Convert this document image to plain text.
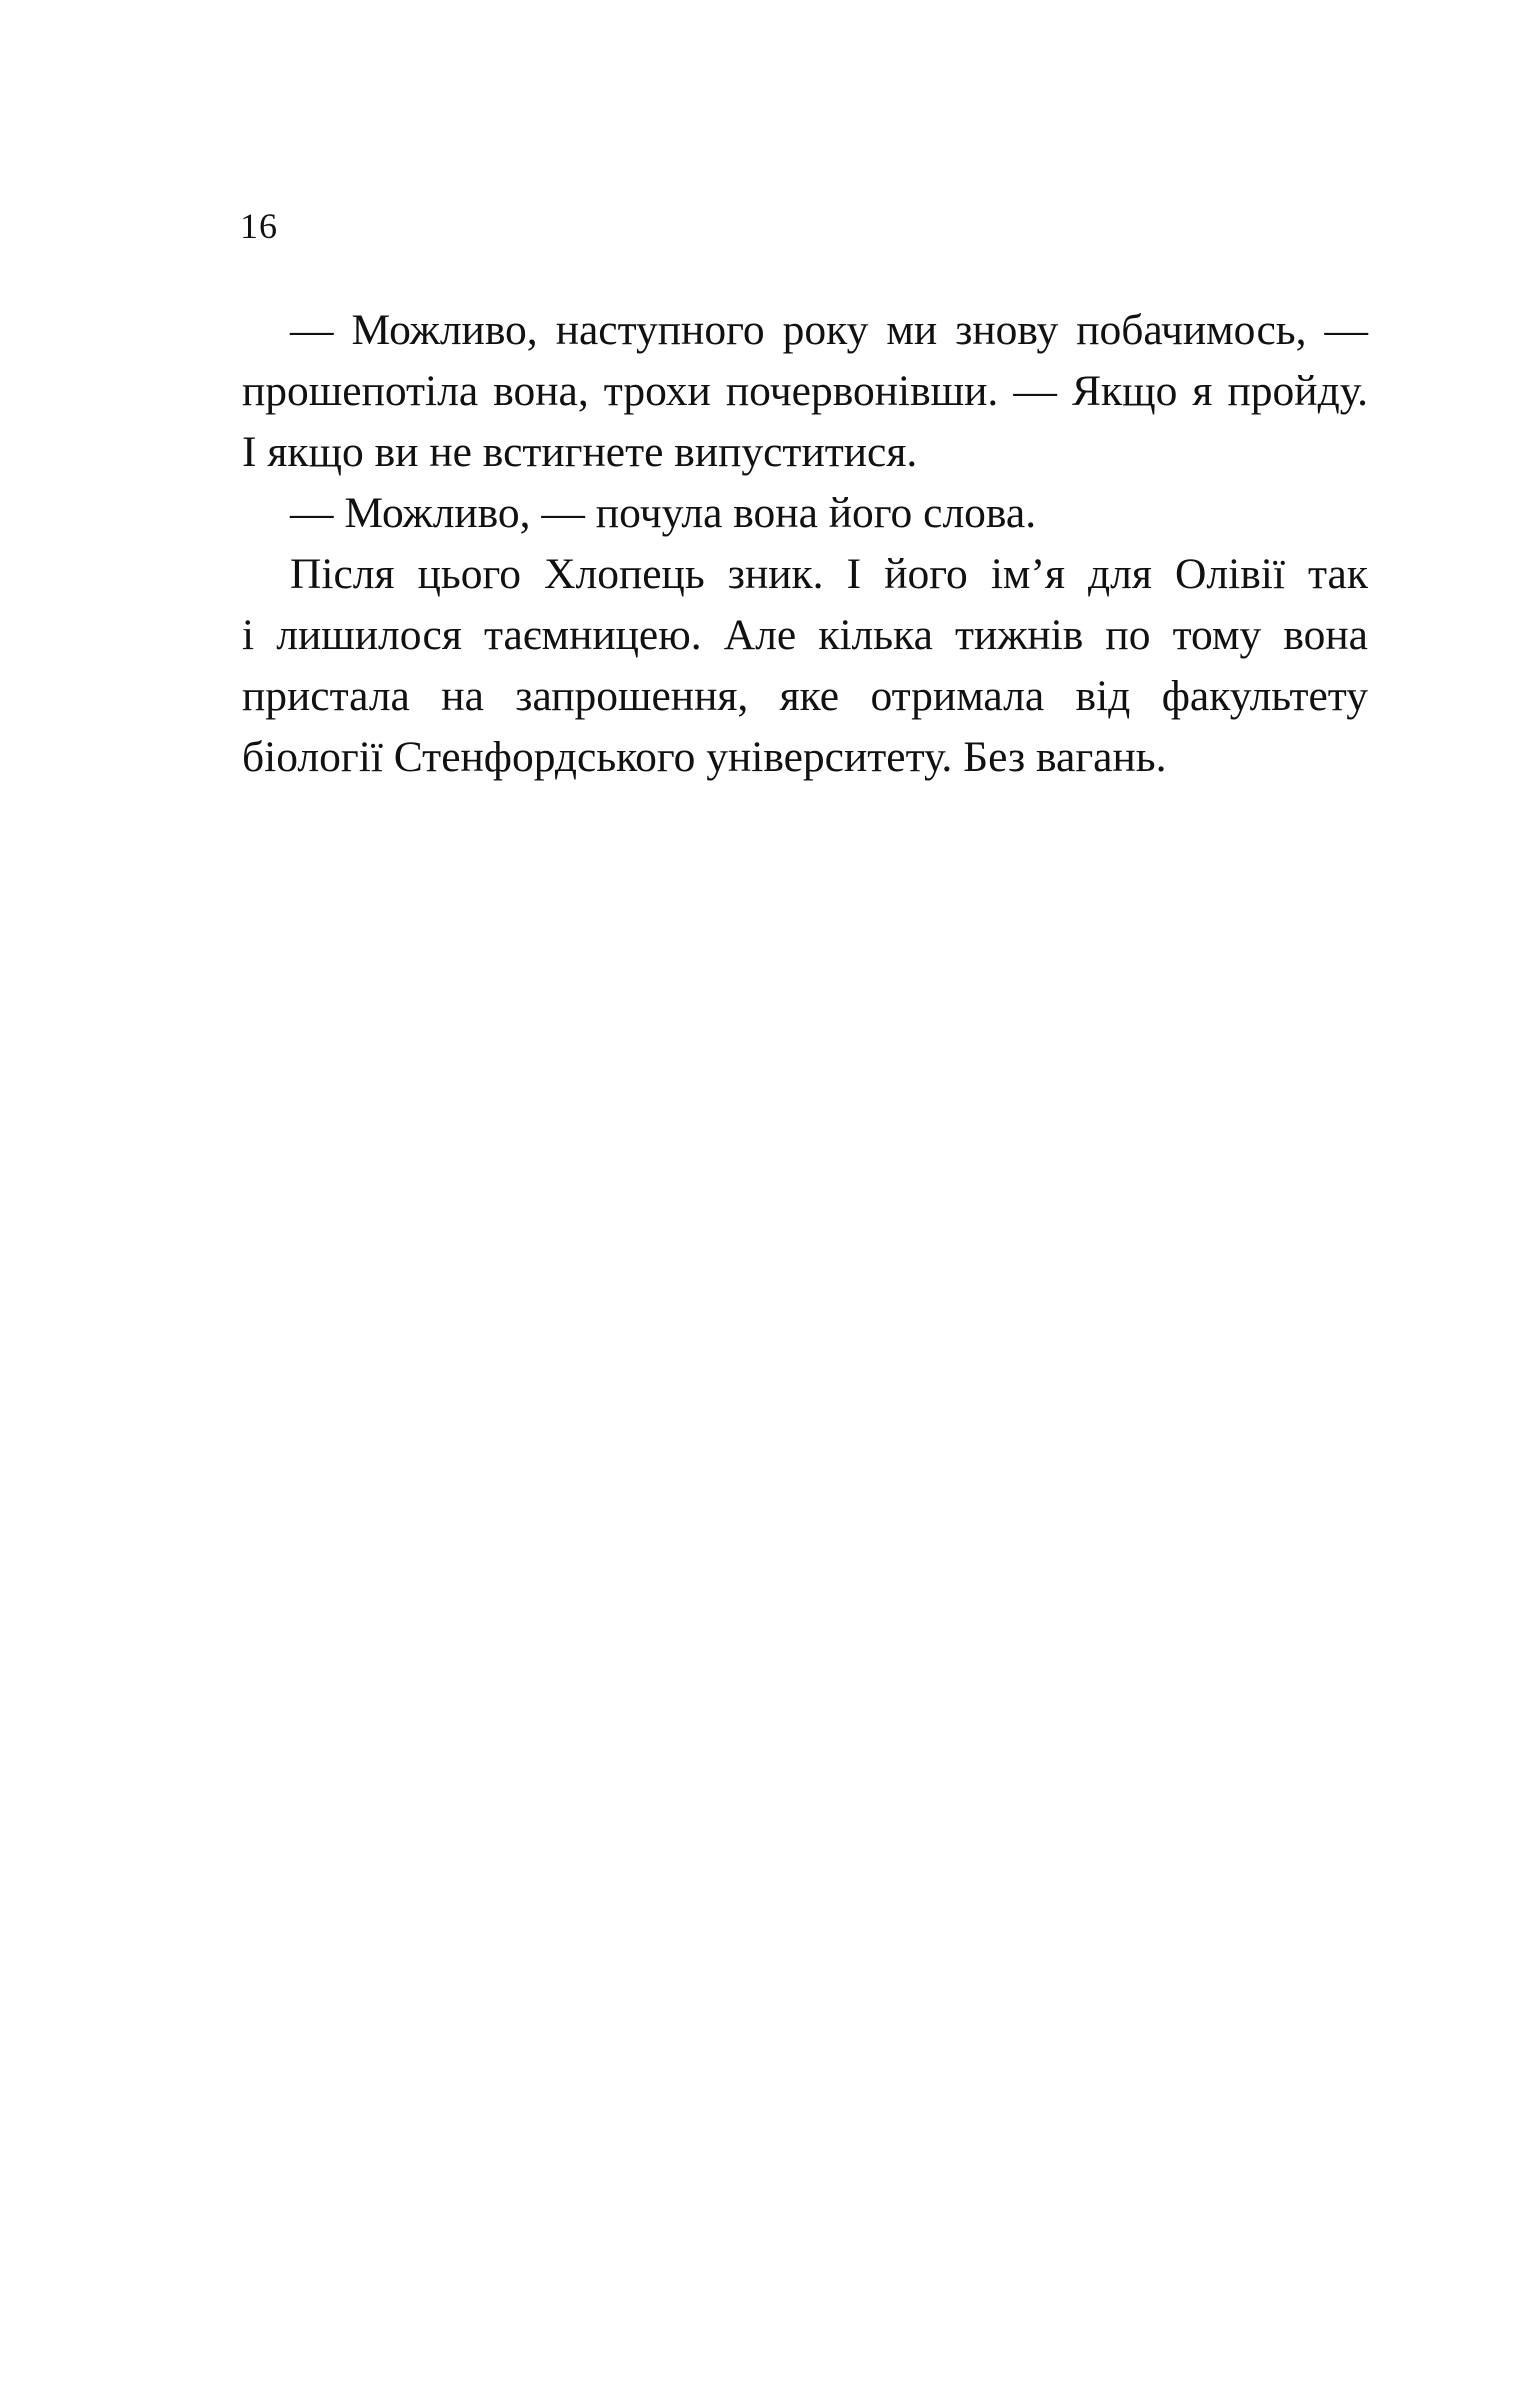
16
— Можливо, наступного року ми знову побачимось, —
прошепотіла вона, трохи почервонівши. — Якщо я пройду.
І якщо ви не встигнете випуститися.
— Можливо, — почула вона його слова.
Після цього Хлопець зник. І його ім’я для Олівії так
і лишилося таємницею. Але кілька тижнів по тому вона
пристала на запрошення, яке отримала від факультету
біології Стенфордського університету. Без вагань.
